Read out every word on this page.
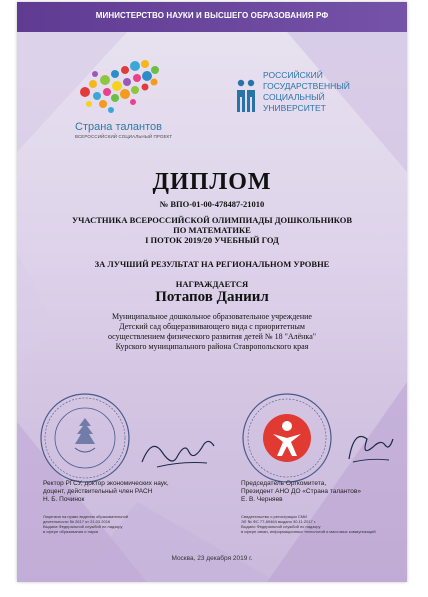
МИНИСТЕРСТВО НАУКИ И ВЫСШЕГО ОБРАЗОВАНИЯ РФ
Страна талантов
ВСЕРОССИЙСКИЙ СОЦИАЛЬНЫЙ ПРОЕКТ
РОССИЙСКИЙ
ГОСУДАРСТВЕННЫЙ
СОЦИАЛЬНЫЙ
УНИВЕРСИТЕТ
ДИПЛОМ
№ ВПО-01-00-478487-21010
УЧАСТНИКА ВСЕРОССИЙСКОЙ ОЛИМПИАДЫ ДОШКОЛЬНИКОВ
ПО МАТЕМАТИКЕ
I ПОТОК 2019/20 УЧЕБНЫЙ ГОД
ЗА ЛУЧШИЙ РЕЗУЛЬТАТ НА РЕГИОНАЛЬНОМ УРОВНЕ
НАГРАЖДАЕТСЯ
Потапов Даниил
Муниципальное дошкольное образовательное учреждение
Детский сад общеразвивающего вида с приоритетным
осуществлением физического развития детей № 18 "Алёнка"
Курского муниципального района Ставропольского края
Ректор РГСУ, доктор экономических наук,
доцент, действительный член РАСН
Н. Б. Починок
Лицензия на право ведения образовательной
деятельности № 2617 от 21.03.2016
Выдана Федеральной службой по надзору
в сфере образования и науки
Председатель Оргкомитета,
Президент АНО ДО «Страна талантов»
Е. В. Черняев
Свидетельство о регистрации СМИ
ЭЛ № ФС 77-69464 выдано 30.11.2017 г.
Выдано Федеральной службой по надзору
в сфере связи, информационных технологий и массовых коммуникаций
Москва, 23 декабря 2019 г.
